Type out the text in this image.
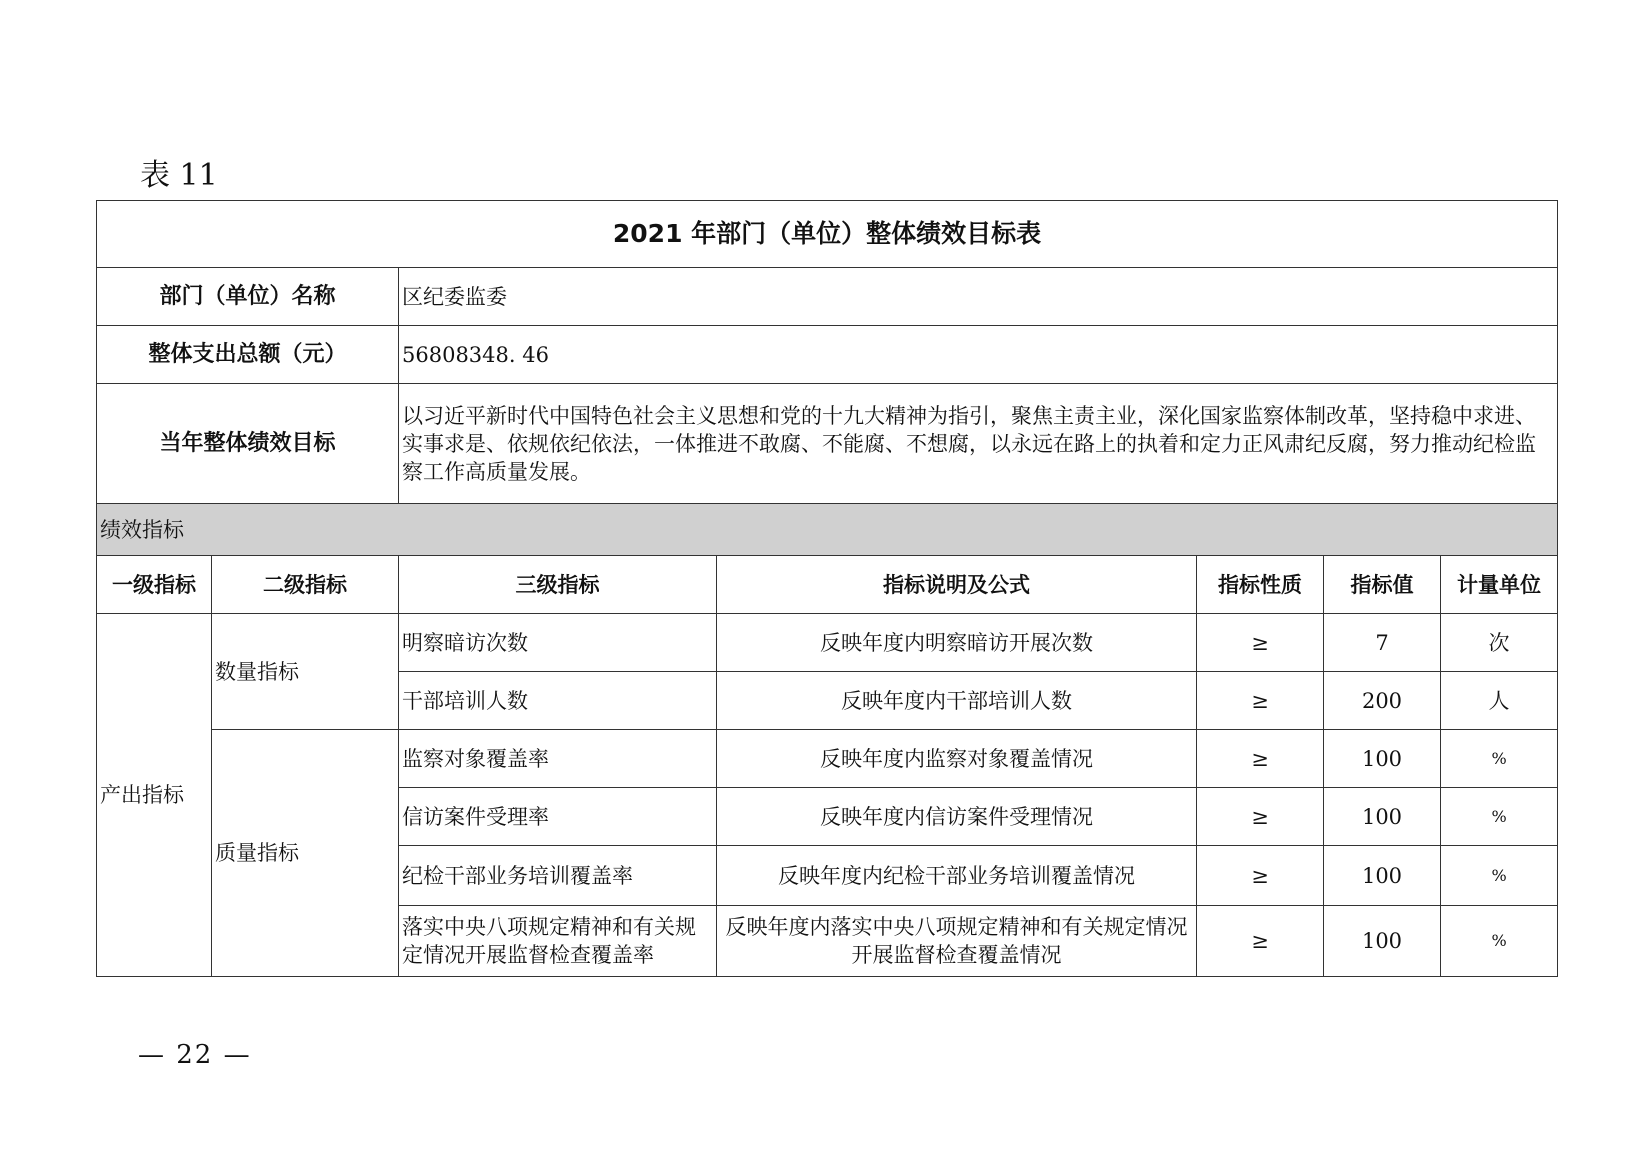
表 11
2021 年部门（单位）整体绩效目标表						
部门（单位）名称		区纪委监委				
整体支出总额（元）		56808348. 46				
当年整体绩效目标		以习近平新时代中国特色社会主义思想和党的十九大精神为指引，聚焦主责主业，深化国家监察体制改革，坚持稳中求进、实事求是、依规依纪依法，一体推进不敢腐、不能腐、不想腐，以永远在路上的执着和定力正风肃纪反腐，努力推动纪检监察工作高质量发展。				
绩效指标						
一级指标	二级指标	三级指标	指标说明及公式	指标性质	指标值	计量单位
产出指标	数量指标	明察暗访次数	反映年度内明察暗访开展次数	≥	7	次
		干部培训人数	反映年度内干部培训人数	≥	200	人
	质量指标	监察对象覆盖率	反映年度内监察对象覆盖情况	≥	100	%
		信访案件受理率	反映年度内信访案件受理情况	≥	100	%
		纪检干部业务培训覆盖率	反映年度内纪检干部业务培训覆盖情况	≥	100	%
		落实中央八项规定精神和有关规定情况开展监督检查覆盖率	反映年度内落实中央八项规定精神和有关规定情况开展监督检查覆盖情况	≥	100	%
— 22 —
